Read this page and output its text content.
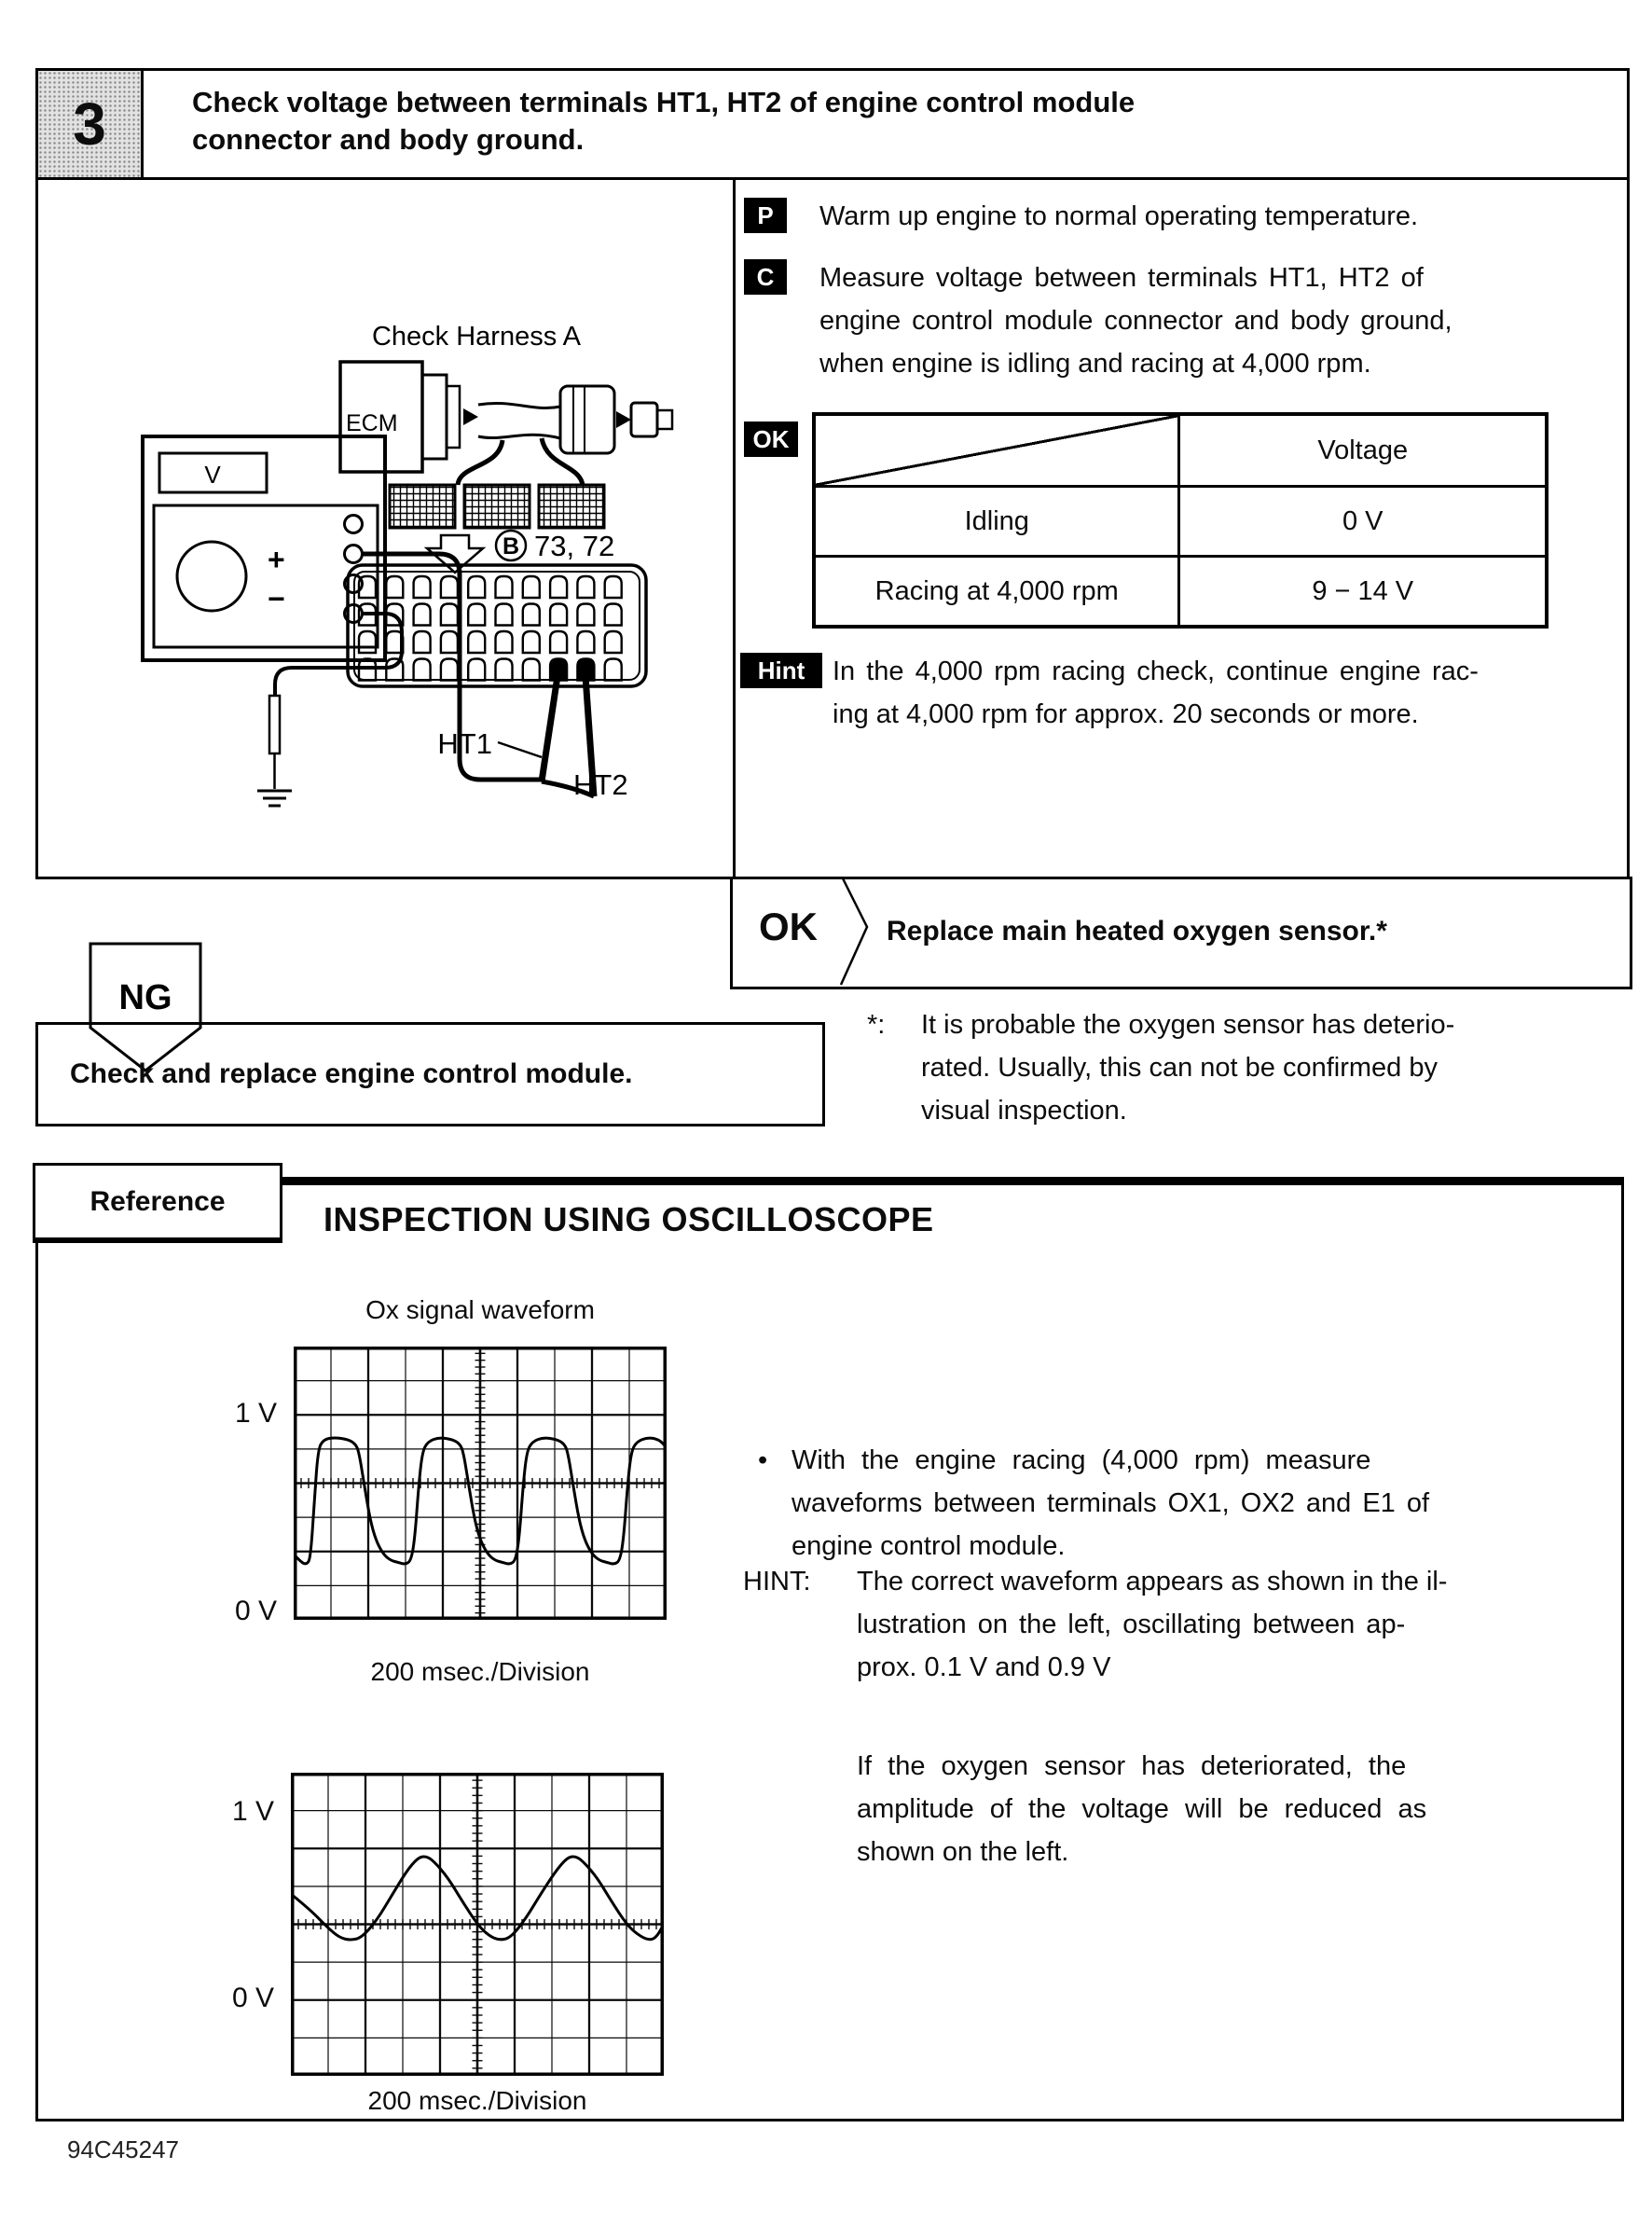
3	Check voltage between terminals HT1, HT2 of engine control module
connector and body ground.
Check Harness A
ECM
B 73, 72
V
+
−
HT1
HT2
P	Warm up engine to normal operating temperature.
C	Measure voltage between terminals HT1, HT2 of
engine control module connector and body ground,
when engine is idling and racing at 4,000 rpm.
OK
		Voltage
Idling	0 V
Racing at 4,000 rpm	9 − 14 V
Hint	In the 4,000 rpm racing check, continue engine rac-
ing at 4,000 rpm for approx. 20 seconds or more.
OK Replace main heated oxygen sensor.*
NG
Check and replace engine control module.
*:	It is probable the oxygen sensor has deterio-
rated. Usually, this can not be confirmed by
visual inspection.
Reference	INSPECTION USING OSCILLOSCOPE
Ox signal waveform
1 V
0 V
200 msec./Division
1 V
0 V
200 msec./Division
• With the engine racing (4,000 rpm) measure
waveforms between terminals OX1, OX2 and E1 of
engine control module.
HINT:	The correct waveform appears as shown in the il-
lustration on the left, oscillating between ap-
prox. 0.1 V and 0.9 V
If the oxygen sensor has deteriorated, the
amplitude of the voltage will be reduced as
shown on the left.
94C45247
